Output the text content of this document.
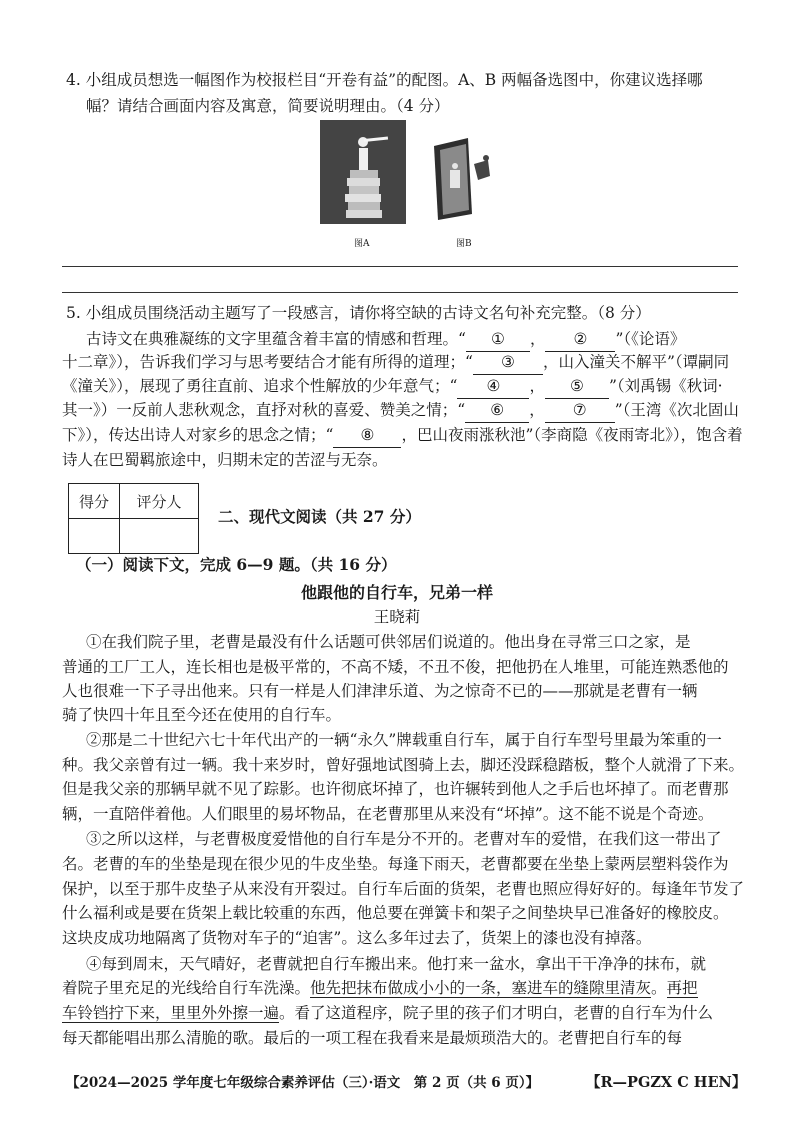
4. 小组成员想选一幅图作为校报栏目“开卷有益”的配图。A、B 两幅备选图中，你建议选择哪
幅？请结合画面内容及寓意，简要说明理由。（4 分）
图A	图B
5. 小组成员围绕活动主题写了一段感言，请你将空缺的古诗文名句补充完整。（8 分）
古诗文在典雅凝练的文字里蕴含着丰富的情感和哲理。“ ① ， ② ”（《论语》
十二章》），告诉我们学习与思考要结合才能有所得的道理；“ ③ ，山入潼关不解平”（谭嗣同
《潼关》），展现了勇往直前、追求个性解放的少年意气；“ ④ ， ⑤ ”（刘禹锡《秋词·
其一》）一反前人悲秋观念，直抒对秋的喜爱、赞美之情；“ ⑥ ， ⑦ ”（王湾《次北固山
下》），传达出诗人对家乡的思念之情；“ ⑧ ，巴山夜雨涨秋池”（李商隐《夜雨寄北》），饱含着
诗人在巴蜀羁旅途中，归期未定的苦涩与无奈。
得分	评分人

二、现代文阅读（共 27 分）
（一）阅读下文，完成 6—9 题。（共 16 分）
他跟他的自行车，兄弟一样
王晓莉
①在我们院子里，老曹是最没有什么话题可供邻居们说道的。他出身在寻常三口之家，是
普通的工厂工人，连长相也是极平常的，不高不矮，不丑不俊，把他扔在人堆里，可能连熟悉他的
人也很难一下子寻出他来。只有一样是人们津津乐道、为之惊奇不已的——那就是老曹有一辆
骑了快四十年且至今还在使用的自行车。
②那是二十世纪六七十年代出产的一辆“永久”牌载重自行车，属于自行车型号里最为笨重的一
种。我父亲曾有过一辆。我十来岁时，曾好强地试图骑上去，脚还没踩稳踏板，整个人就滑了下来。
但是我父亲的那辆早就不见了踪影。也许彻底坏掉了，也许辗转到他人之手后也坏掉了。而老曹那
辆，一直陪伴着他。人们眼里的易坏物品，在老曹那里从来没有“坏掉”。这不能不说是个奇迹。
③之所以这样，与老曹极度爱惜他的自行车是分不开的。老曹对车的爱惜，在我们这一带出了
名。老曹的车的坐垫是现在很少见的牛皮坐垫。每逢下雨天，老曹都要在坐垫上蒙两层塑料袋作为
保护，以至于那牛皮垫子从来没有开裂过。自行车后面的货架，老曹也照应得好好的。每逢年节发了
什么福利或是要在货架上载比较重的东西，他总要在弹簧卡和架子之间垫块早已准备好的橡胶皮。
这块皮成功地隔离了货物对车子的“迫害”。这么多年过去了，货架上的漆也没有掉落。
④每到周末，天气晴好，老曹就把自行车搬出来。他打来一盆水，拿出干干净净的抹布，就
着院子里充足的光线给自行车洗澡。他先把抹布做成小小的一条，塞进车的缝隙里清灰。再把
车铃铛拧下来，里里外外擦一遍。看了这道程序，院子里的孩子们才明白，老曹的自行车为什么
每天都能唱出那么清脆的歌。最后的一项工程在我看来是最烦琐浩大的。老曹把自行车的每
【2024—2025 学年度七年级综合素养评估（三）·语文　第 2 页（共 6 页）】	【R—PGZX C HEN】
